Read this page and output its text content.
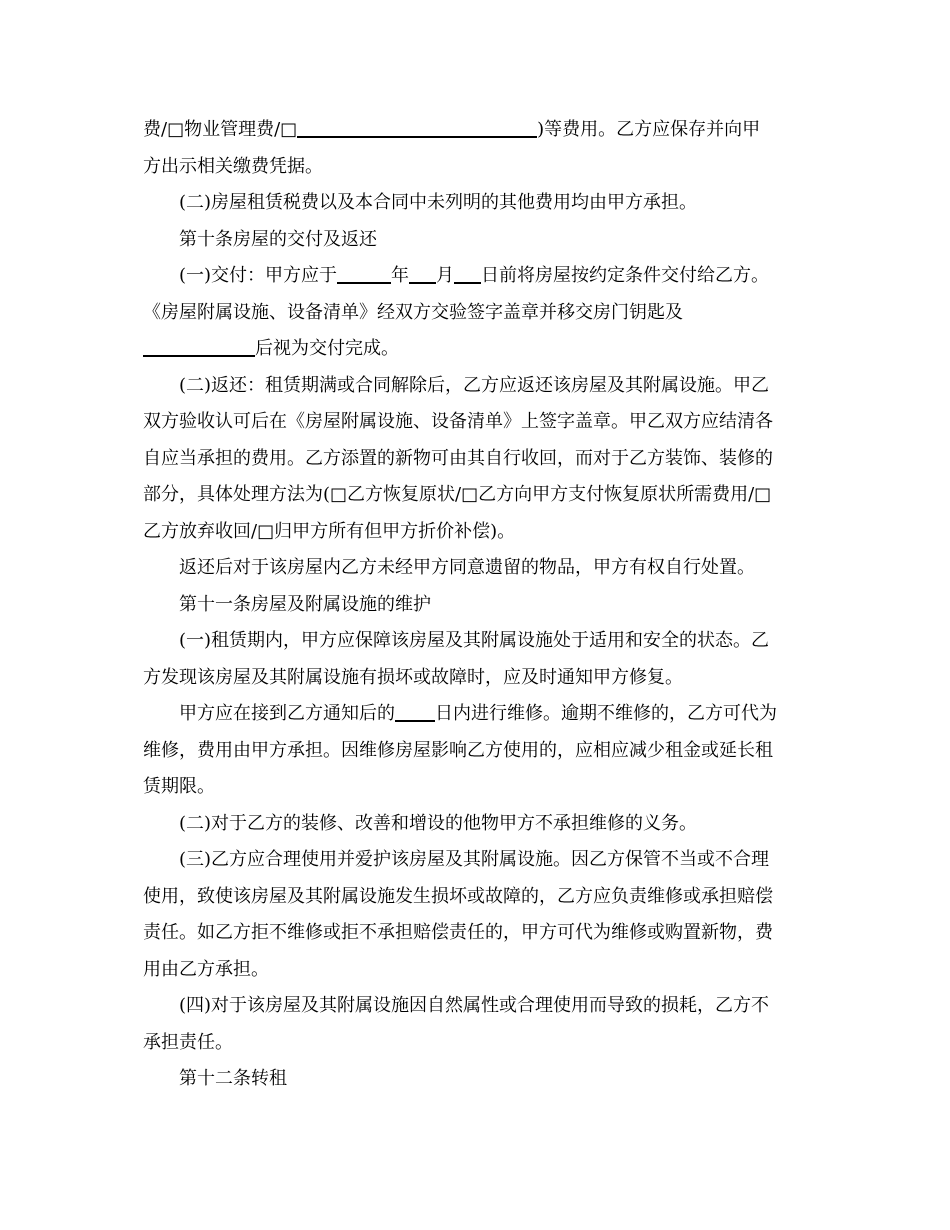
费/□物业管理费/□	)等费用。乙方应保存并向甲
方出示相关缴费凭据。
(二)房屋租赁税费以及本合同中未列明的其他费用均由甲方承担。
第十条房屋的交付及返还
(一)交付：甲方应于	年 月 日前将房屋按约定条件交付给乙方。
《房屋附属设施、设备清单》经双方交验签字盖章并移交房门钥匙及
后视为交付完成。
(二)返还：租赁期满或合同解除后，乙方应返还该房屋及其附属设施。甲乙
双方验收认可后在《房屋附属设施、设备清单》上签字盖章。甲乙双方应结清各
自应当承担的费用。乙方添置的新物可由其自行收回，而对于乙方装饰、装修的
部分，具体处理方法为(□乙方恢复原状/□乙方向甲方支付恢复原状所需费用/□
乙方放弃收回/□归甲方所有但甲方折价补偿)。
返还后对于该房屋内乙方未经甲方同意遗留的物品，甲方有权自行处置。
第十一条房屋及附属设施的维护
(一)租赁期内，甲方应保障该房屋及其附属设施处于适用和安全的状态。乙
方发现该房屋及其附属设施有损坏或故障时，应及时通知甲方修复。
甲方应在接到乙方通知后的 日内进行维修。逾期不维修的，乙方可代为
维修，费用由甲方承担。因维修房屋影响乙方使用的，应相应减少租金或延长租
赁期限。
(二)对于乙方的装修、改善和增设的他物甲方不承担维修的义务。
(三)乙方应合理使用并爱护该房屋及其附属设施。因乙方保管不当或不合理
使用，致使该房屋及其附属设施发生损坏或故障的，乙方应负责维修或承担赔偿
责任。如乙方拒不维修或拒不承担赔偿责任的，甲方可代为维修或购置新物，费
用由乙方承担。
(四)对于该房屋及其附属设施因自然属性或合理使用而导致的损耗，乙方不
承担责任。
第十二条转租
